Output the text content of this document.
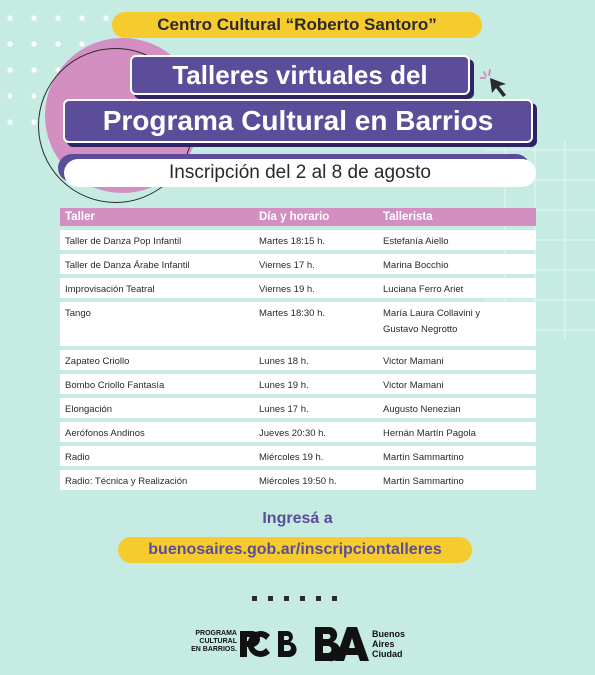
Centro Cultural “Roberto Santoro”
Talleres virtuales del
Programa Cultural en Barrios
Inscripción del 2 al 8 de agosto
Taller	Día y horario	Tallerista
Taller de Danza Pop Infantil	Martes 18:15 h.	Estefanía Aiello
Taller de Danza Árabe Infantil	Viernes 17 h.	Marina Bocchio
Improvisación Teatral	Viernes 19 h.	Luciana Ferro Ariet
Tango	Martes 18:30 h.	María Laura Collavini y Gustavo Negrotto
Zapateo Criollo	Lunes 18 h.	Victor Mamani
Bombo Criollo Fantasía	Lunes 19 h.	Victor Mamani
Elongación	Lunes 17 h.	Augusto Nenezian
Aerófonos Andinos	Jueves 20:30 h.	Hernán Martín Pagola
Radio	Miércoles 19 h.	Martín Sammartino
Radio: Técnica y Realización	Miércoles 19:50 h.	Martín Sammartino
Ingresá a
buenosaires.gob.ar/inscripciontalleres
PROGRAMA
CULTURAL
EN BARRIOS.
Buenos
Aires
Ciudad
